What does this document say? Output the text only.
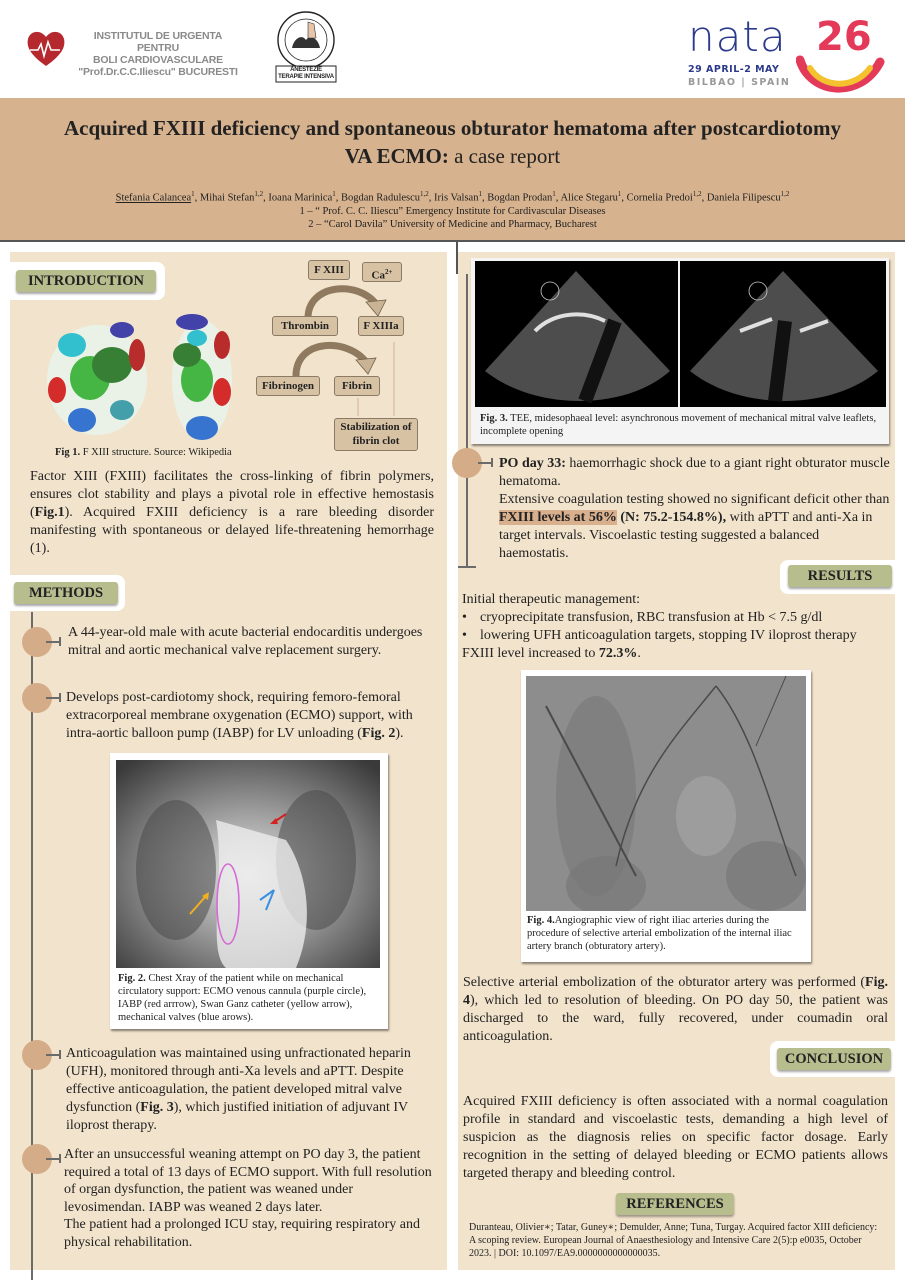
INSTITUTUL DE URGENTA PENTRU
BOLI CARDIOVASCULARE
"Prof.Dr.C.C.Iliescu" BUCURESTI	ANESTEZIE
TERAPIE INTENSIVA
nata 26
29 APRIL-2 MAY
BILBAO | SPAIN
Acquired FXIII deficiency and spontaneous obturator hematoma after postcardiotomy VA ECMO: a case report
Stefania Calancea$^1$, Mihai Stefan$^{1,2}$, Ioana Marinica$^1$, Bogdan Radulescu$^{1,2}$, Iris Valsan$^1$, Bogdan Prodan$^1$, Alice Stegaru$^1$, Cornelia Predoi$^{1,2}$, Daniela Filipescu$^{1,2}$
1 – “ Prof. C. C. Iliescu” Emergency Institute for Cardivascular Diseases
2 – “Carol Davila” University of Medicine and Pharmacy, Bucharest
INTRODUCTION
Fig 1. F XIII structure. Source: Wikipedia
F XIII	$Ca^{2+}$
Thrombin	F XIIIa
Fibrinogen	Fibrin
Stabilization of fibrin clot
Factor XIII (FXIII) facilitates the cross-linking of fibrin polymers, ensures clot stability and plays a pivotal role in effective hemostasis (Fig.1). Acquired FXIII deficiency is a rare bleeding disorder manifesting with spontaneous or delayed life-threatening hemorrhage (1).
METHODS
A 44-year-old male with acute bacterial endocarditis undergoes mitral and aortic mechanical valve replacement surgery.
Develops post-cardiotomy shock, requiring femoro-femoral extracorporeal membrane oxygenation (ECMO) support, with intra-aortic balloon pump (IABP) for LV unloading (Fig. 2).
Fig. 2. Chest Xray of the patient while on mechanical circulatory support: ECMO venous cannula (purple circle), IABP (red arrrow), Swan Ganz catheter (yellow arrow), mechanical valves (blue arows).
Anticoagulation was maintained using unfractionated heparin (UFH), monitored through anti-Xa levels and aPTT. Despite effective anticoagulation, the patient developed mitral valve dysfunction (Fig. 3), which justified initiation of adjuvant IV iloprost therapy.
After an unsuccessful weaning attempt on PO day 3, the patient required a total of 13 days of ECMO support. With full resolution of organ dysfunction, the patient was weaned under levosimendan. IABP was weaned 2 days later.
The patient had a prolonged ICU stay, requiring respiratory and physical rehabilitation.
Fig. 3. TEE, midesophaeal level: asynchronous movement of mechanical mitral valve leaflets, incomplete opening
PO day 33: haemorrhagic shock due to a giant right obturator muscle hematoma.
Extensive coagulation testing showed no significant deficit other than FXIII levels at 56% (N: 75.2-154.8%), with aPTT and anti-Xa in target intervals. Viscoelastic testing suggested a balanced haemostatis.
RESULTS
Initial therapeutic management:
• cryoprecipitate transfusion, RBC transfusion at Hb < 7.5 g/dl
• lowering UFH anticoagulation targets, stopping IV iloprost therapy
FXIII level increased to 72.3%.
Fig. 4.Angiographic view of right iliac arteries during the procedure of selective arterial embolization of the internal iliac artery branch (obturatory artery).
Selective arterial embolization of the obturator artery was performed (Fig. 4), which led to resolution of bleeding. On PO day 50, the patient was discharged to the ward, fully recovered, under coumadin oral anticoagulation.
CONCLUSION
Acquired FXIII deficiency is often associated with a normal coagulation profile in standard and viscoelastic tests, demanding a high level of suspicion as the diagnosis relies on specific factor dosage. Early recognition in the setting of delayed bleeding or ECMO patients allows targeted therapy and bleeding control.
REFERENCES
Duranteau, Olivier∗; Tatar, Guney∗; Demulder, Anne; Tuna, Turgay. Acquired factor XIII deficiency: A scoping review. European Journal of Anaesthesiology and Intensive Care 2(5):p e0035, October 2023. | DOI: 10.1097/EA9.0000000000000035.
